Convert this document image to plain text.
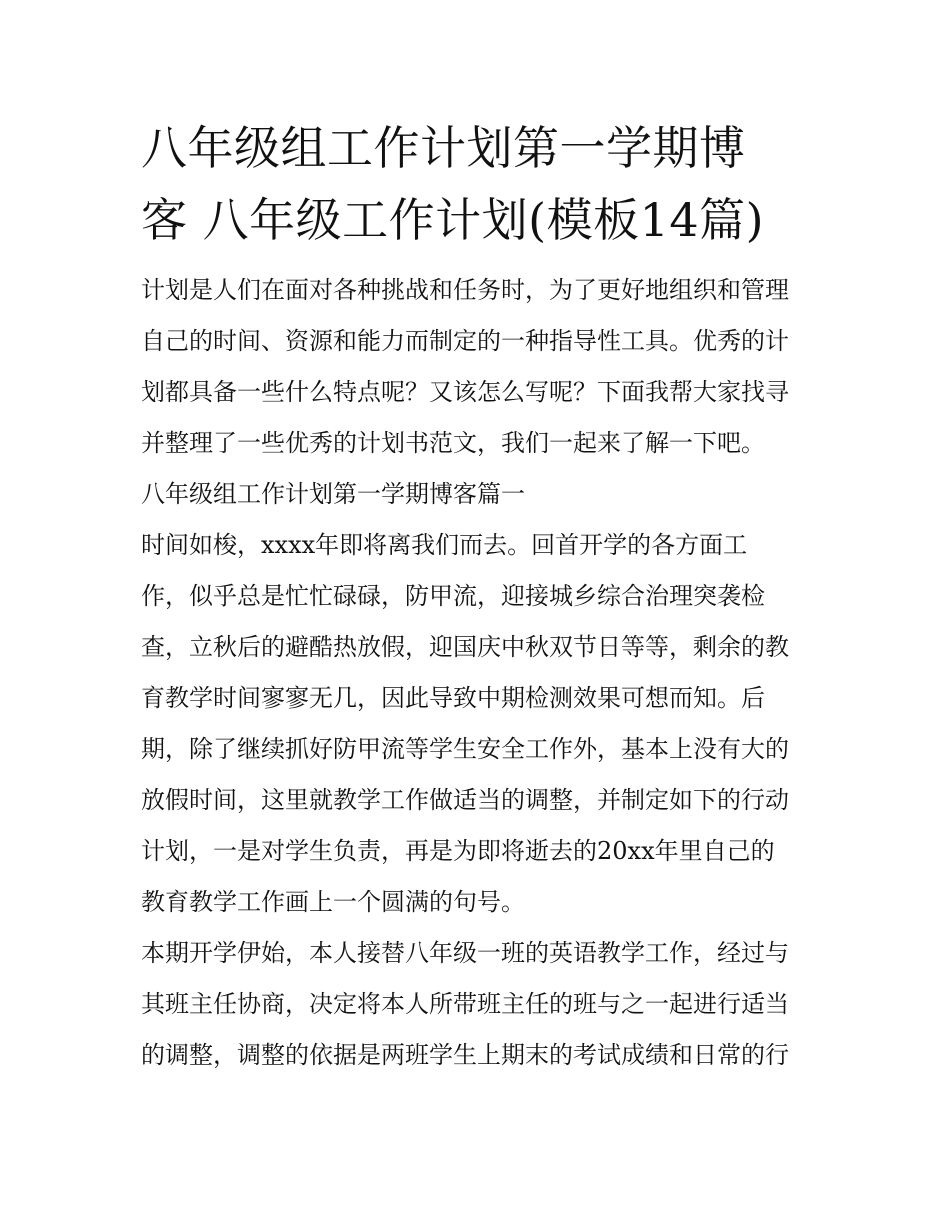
八年级组工作计划第一学期博
客 八年级工作计划(模板14篇)

计划是人们在面对各种挑战和任务时，为了更好地组织和管理
自己的时间、资源和能力而制定的一种指导性工具。优秀的计
划都具备一些什么特点呢？又该怎么写呢？下面我帮大家找寻
并整理了一些优秀的计划书范文，我们一起来了解一下吧。

八年级组工作计划第一学期博客篇一

时间如梭，xxxx年即将离我们而去。回首开学的各方面工
作，似乎总是忙忙碌碌，防甲流，迎接城乡综合治理突袭检
查，立秋后的避酷热放假，迎国庆中秋双节日等等，剩余的教
育教学时间寥寥无几，因此导致中期检测效果可想而知。后
期，除了继续抓好防甲流等学生安全工作外，基本上没有大的
放假时间，这里就教学工作做适当的调整，并制定如下的行动
计划，一是对学生负责，再是为即将逝去的20xx年里自己的
教育教学工作画上一个圆满的句号。

本期开学伊始，本人接替八年级一班的英语教学工作，经过与
其班主任协商，决定将本人所带班主任的班与之一起进行适当
的调整，调整的依据是两班学生上期末的考试成绩和日常的行
